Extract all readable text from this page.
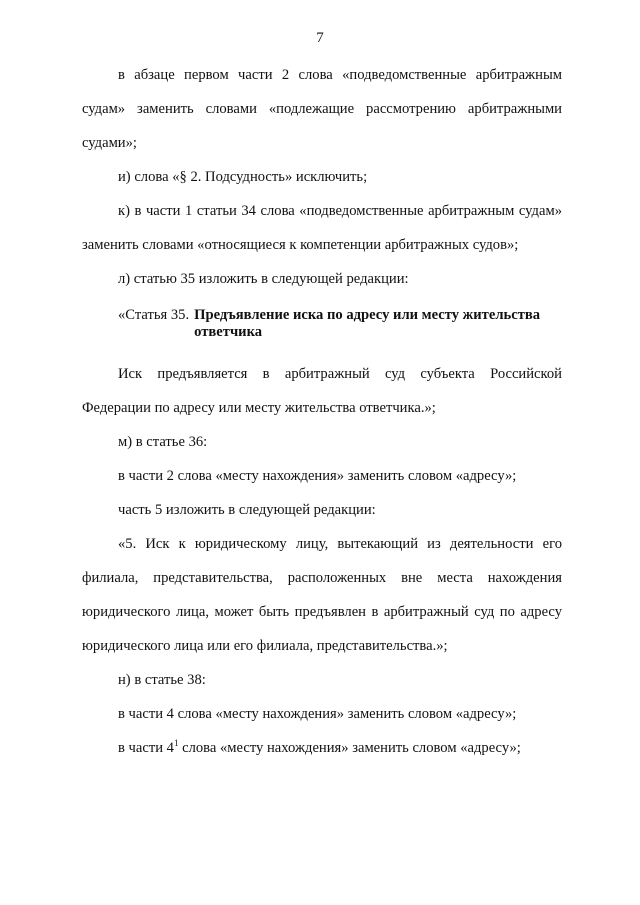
7

в абзаце первом части 2 слова «подведомственные арбитражным судам» заменить словами «подлежащие рассмотрению арбитражными судами»;

и) слова «§ 2. Подсудность» исключить;

к) в части 1 статьи 34 слова «подведомственные арбитражным судам» заменить словами «относящиеся к компетенции арбитражных судов»;

л) статью 35 изложить в следующей редакции:

«Статья 35. Предъявление иска по адресу или месту жительства ответчика

Иск предъявляется в арбитражный суд субъекта Российской Федерации по адресу или месту жительства ответчика.»;

м) в статье 36:

в части 2 слова «месту нахождения» заменить словом «адресу»;

часть 5 изложить в следующей редакции:

«5. Иск к юридическому лицу, вытекающий из деятельности его филиала, представительства, расположенных вне места нахождения юридического лица, может быть предъявлен в арбитражный суд по адресу юридического лица или его филиала, представительства.»;

н) в статье 38:

в части 4 слова «месту нахождения» заменить словом «адресу»;

в части 4$^1$ слова «месту нахождения» заменить словом «адресу»;
